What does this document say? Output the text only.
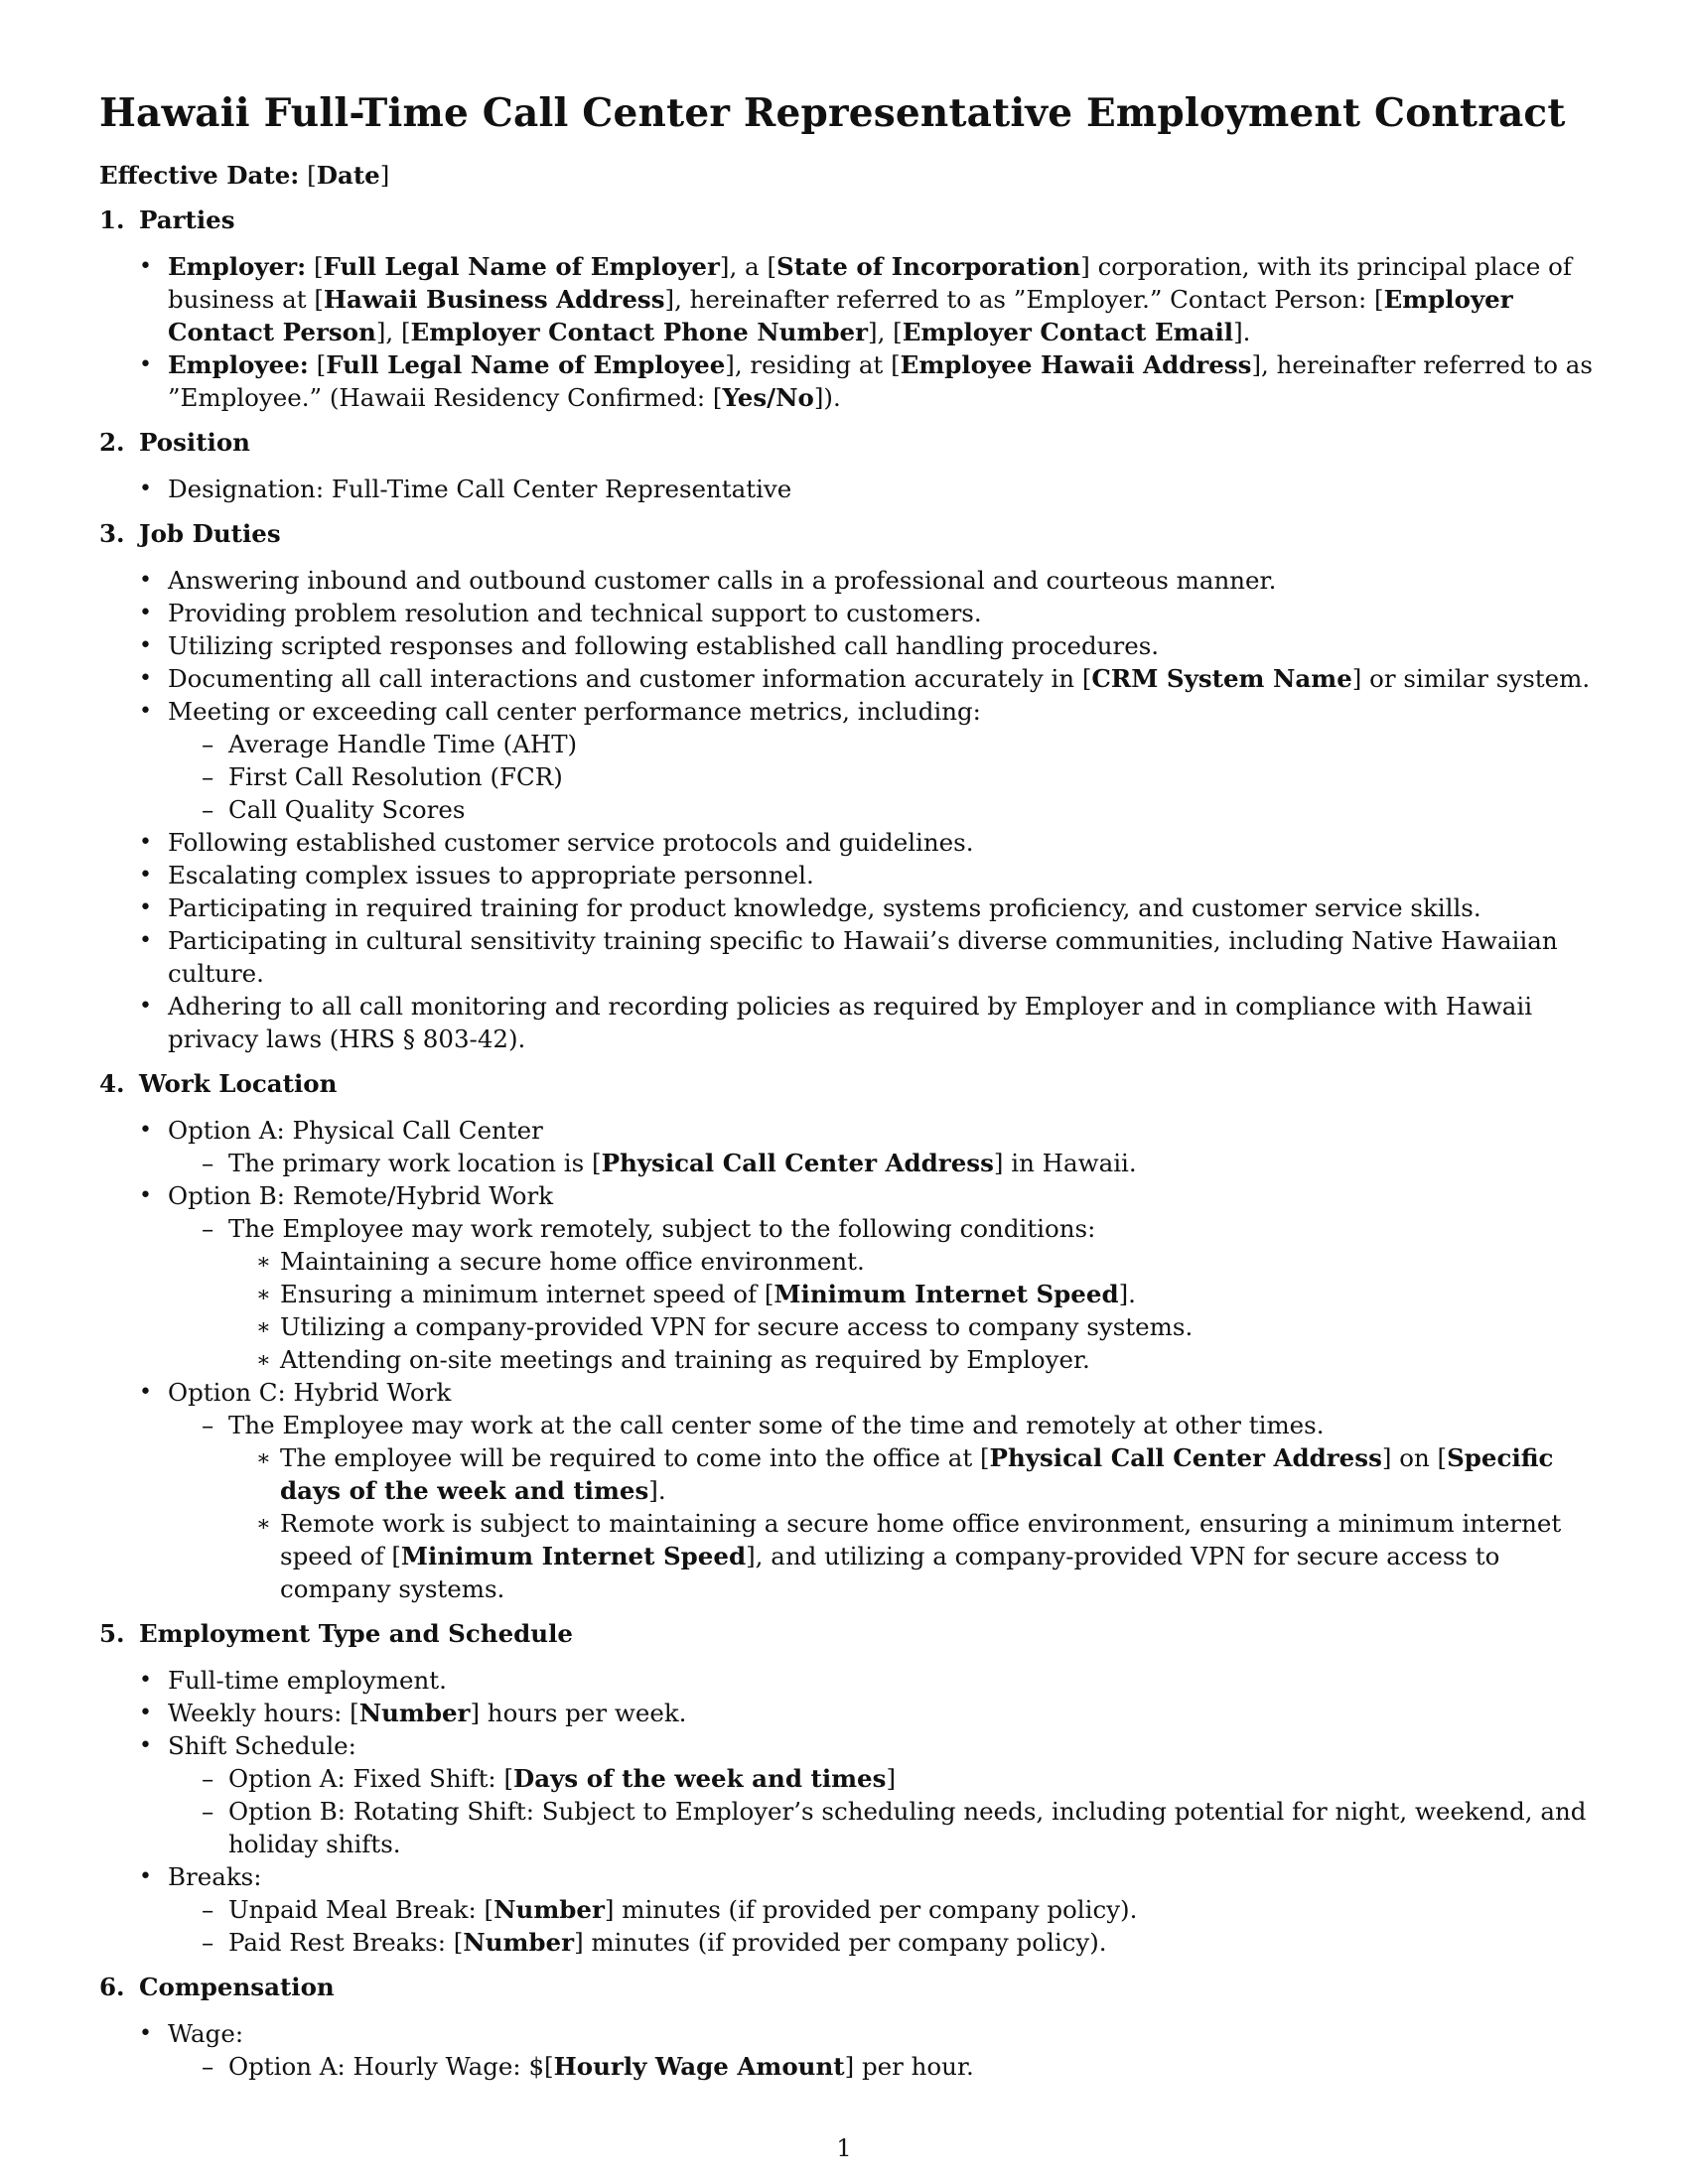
Hawaii Full-Time Call Center Representative Employment Contract

Effective Date: [Date]

1. Parties
• Employer: [Full Legal Name of Employer], a [State of Incorporation] corporation, with its principal place of business at [Hawaii Business Address], hereinafter referred to as ”Employer.” Contact Person: [Employer Contact Person], [Employer Contact Phone Number], [Employer Contact Email].
• Employee: [Full Legal Name of Employee], residing at [Employee Hawaii Address], hereinafter referred to as ”Employee.” (Hawaii Residency Confirmed: [Yes/No]).
2. Position
• Designation: Full-Time Call Center Representative
3. Job Duties
• Answering inbound and outbound customer calls in a professional and courteous manner.
• Providing problem resolution and technical support to customers.
• Utilizing scripted responses and following established call handling procedures.
• Documenting all call interactions and customer information accurately in [CRM System Name] or similar system.
• Meeting or exceeding call center performance metrics, including:
– Average Handle Time (AHT)
– First Call Resolution (FCR)
– Call Quality Scores
• Following established customer service protocols and guidelines.
• Escalating complex issues to appropriate personnel.
• Participating in required training for product knowledge, systems proficiency, and customer service skills.
• Participating in cultural sensitivity training specific to Hawaii’s diverse communities, including Native Hawaiian culture.
• Adhering to all call monitoring and recording policies as required by Employer and in compliance with Hawaii privacy laws (HRS § 803-42).
4. Work Location
• Option A: Physical Call Center
– The primary work location is [Physical Call Center Address] in Hawaii.
• Option B: Remote/Hybrid Work
– The Employee may work remotely, subject to the following conditions:
∗ Maintaining a secure home office environment.
∗ Ensuring a minimum internet speed of [Minimum Internet Speed].
∗ Utilizing a company-provided VPN for secure access to company systems.
∗ Attending on-site meetings and training as required by Employer.
• Option C: Hybrid Work
– The Employee may work at the call center some of the time and remotely at other times.
∗ The employee will be required to come into the office at [Physical Call Center Address] on [Specific days of the week and times].
∗ Remote work is subject to maintaining a secure home office environment, ensuring a minimum internet speed of [Minimum Internet Speed], and utilizing a company-provided VPN for secure access to company systems.
5. Employment Type and Schedule
• Full-time employment.
• Weekly hours: [Number] hours per week.
• Shift Schedule:
– Option A: Fixed Shift: [Days of the week and times]
– Option B: Rotating Shift: Subject to Employer’s scheduling needs, including potential for night, weekend, and holiday shifts.
• Breaks:
– Unpaid Meal Break: [Number] minutes (if provided per company policy).
– Paid Rest Breaks: [Number] minutes (if provided per company policy).
6. Compensation
• Wage:
– Option A: Hourly Wage: $[Hourly Wage Amount] per hour.
1
